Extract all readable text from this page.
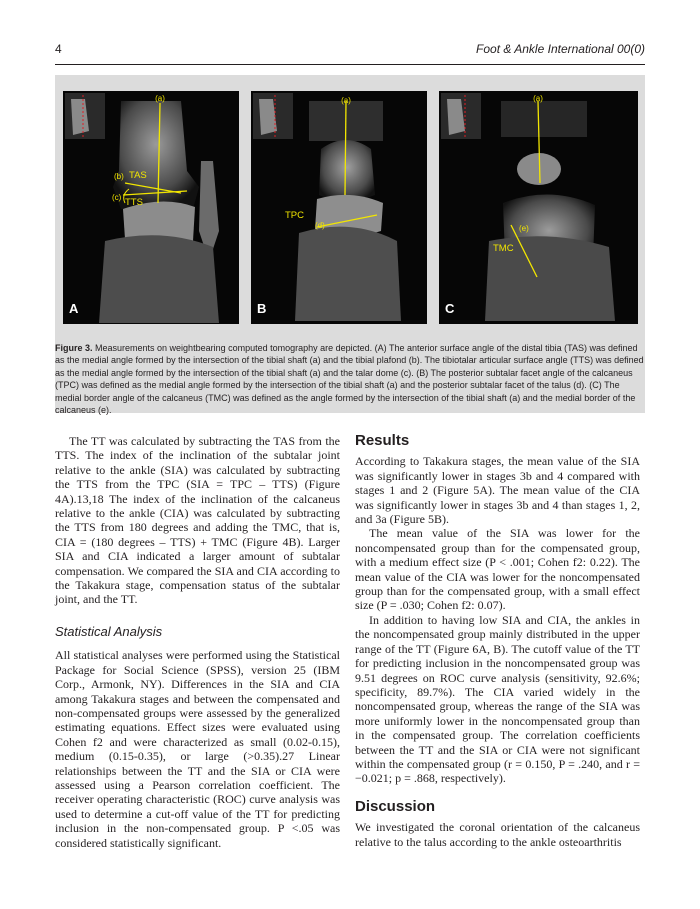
4	Foot & Ankle International 00(0)
(a)
(b)
(c)
TAS
TTS
A
(a)
(d)
TPC
B
(a)
(e)
TMC
C
Figure 3. Measurements on weightbearing computed tomography are depicted. (A) The anterior surface angle of the distal tibia (TAS) was defined as the medial angle formed by the intersection of the tibial shaft (a) and the tibial plafond (b). The tibiotalar articular surface angle (TTS) was defined as the medial angle formed by the intersection of the tibial shaft (a) and the talar dome (c). (B) The posterior subtalar facet angle of the calcaneus (TPC) was defined as the medial angle formed by the intersection of the tibial shaft (a) and the posterior subtalar facet of the talus (d). (C) The medial border angle of the calcaneus (TMC) was defined as the angle formed by the intersection of the tibial shaft (a) and the medial border of the calcaneus (e).

The TT was calculated by subtracting the TAS from the TTS. The index of the inclination of the subtalar joint relative to the ankle (SIA) was calculated by subtracting the TTS from the TPC (SIA = TPC – TTS) (Figure 4A).13,18 The index of the inclination of the calcaneus relative to the ankle (CIA) was calculated by subtracting the TTS from 180 degrees and adding the TMC, that is, CIA = (180 degrees – TTS) + TMC (Figure 4B). Larger SIA and CIA indicated a larger amount of subtalar compensation. We compared the SIA and CIA according to the Takakura stage, compensation status of the subtalar joint, and the TT.

Statistical Analysis

All statistical analyses were performed using the Statistical Package for Social Science (SPSS), version 25 (IBM Corp., Armonk, NY). Differences in the SIA and CIA among Takakura stages and between the compensated and non-compensated groups were assessed by the generalized estimating equations. Effect sizes were evaluated using Cohen f2 and were characterized as small (0.02-0.15), medium (0.15-0.35), or large (>0.35).27 Linear relationships between the TT and the SIA or CIA were assessed using a Pearson correlation coefficient. The receiver operating characteristic (ROC) curve analysis was used to determine a cut-off value of the TT for predicting inclusion in the non-compensated group. P <.05 was considered statistically significant.

Results

According to Takakura stages, the mean value of the SIA was significantly lower in stages 3b and 4 compared with stages 1 and 2 (Figure 5A). The mean value of the CIA was significantly lower in stages 3b and 4 than stages 1, 2, and 3a (Figure 5B).

The mean value of the SIA was lower for the noncompensated group than for the compensated group, with a medium effect size (P < .001; Cohen f2: 0.22). The mean value of the CIA was lower for the noncompensated group than for the compensated group, with a small effect size (P = .030; Cohen f2: 0.07).

In addition to having low SIA and CIA, the ankles in the noncompensated group mainly distributed in the upper range of the TT (Figure 6A, B). The cutoff value of the TT for predicting inclusion in the noncompensated group was 9.51 degrees on ROC curve analysis (sensitivity, 92.6%; specificity, 89.7%). The CIA varied widely in the noncompensated group, whereas the range of the SIA was more uniformly lower in the noncompensated group than in the compensated group. The correlation coefficients between the TT and the SIA or CIA were not significant within the compensated group (r = 0.150, P = .240, and r = −0.021; p = .868, respectively).

Discussion

We investigated the coronal orientation of the calcaneus relative to the talus according to the ankle osteoarthritis
